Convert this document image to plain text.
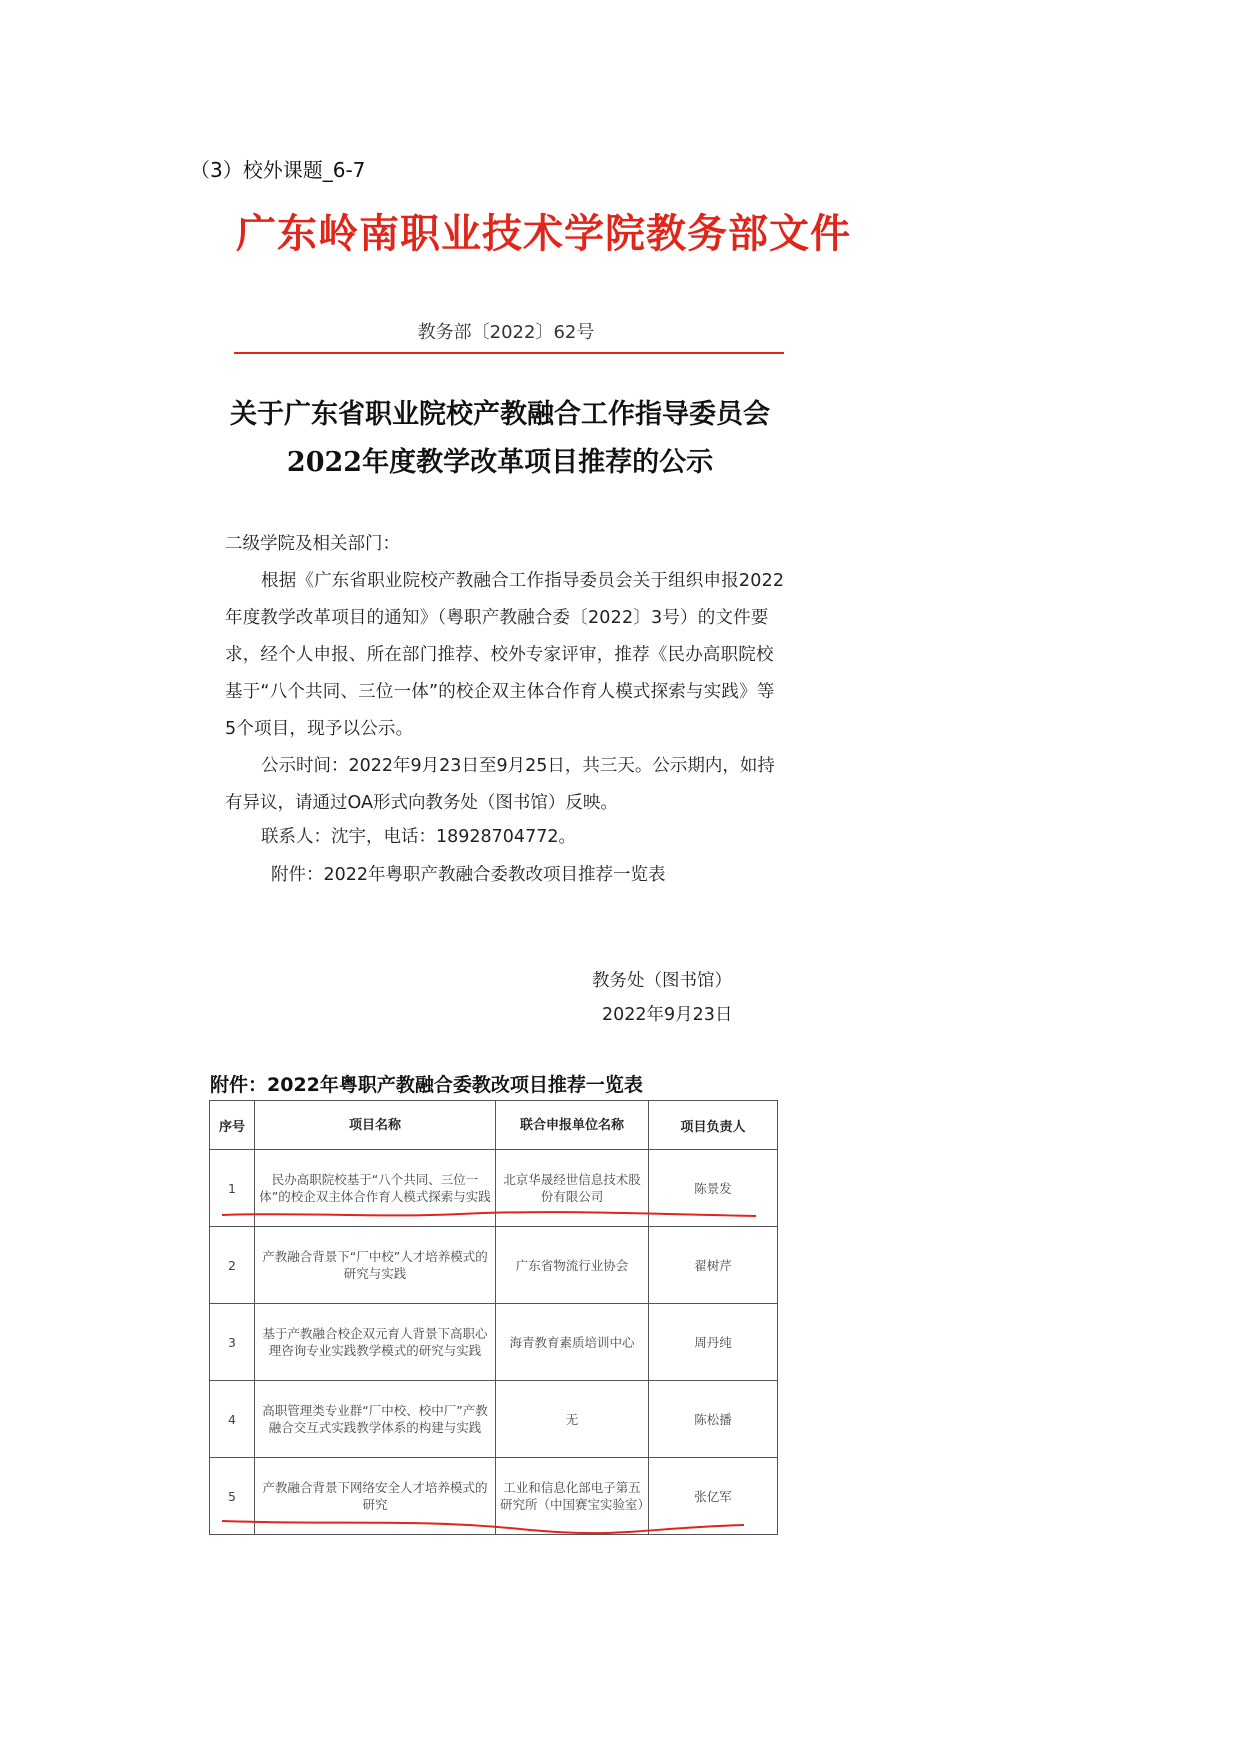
（3）校外课题_6-7
广东岭南职业技术学院教务部文件
教务部〔2022〕62号
关于广东省职业院校产教融合工作指导委员会
2022年度教学改革项目推荐的公示
二级学院及相关部门：
根据《广东省职业院校产教融合工作指导委员会关于组织申报2022年度教学改革项目的通知》（粤职产教融合委〔2022〕3号）的文件要求，经个人申报、所在部门推荐、校外专家评审，推荐《民办高职院校基于“八个共同、三位一体”的校企双主体合作育人模式探索与实践》等5个项目，现予以公示。
公示时间：2022年9月23日至9月25日，共三天。公示期内，如持有异议，请通过OA形式向教务处（图书馆）反映。
联系人：沈宇，电话：18928704772。
附件：2022年粤职产教融合委教改项目推荐一览表
教务处（图书馆）
2022年9月23日
附件：2022年粤职产教融合委教改项目推荐一览表
序号	项目名称	联合申报单位名称	项目负责人
1	民办高职院校基于“八个共同、三位一体”的校企双主体合作育人模式探索与实践	北京华晟经世信息技术股份有限公司	陈景发
2	产教融合背景下“厂中校”人才培养模式的研究与实践	广东省物流行业协会	翟树芹
3	基于产教融合校企双元育人背景下高职心理咨询专业实践教学模式的研究与实践	海青教育素质培训中心	周丹纯
4	高职管理类专业群“厂中校、校中厂”产教融合交互式实践教学体系的构建与实践	无	陈松播
5	产教融合背景下网络安全人才培养模式的研究	工业和信息化部电子第五研究所（中国赛宝实验室）	张亿军
